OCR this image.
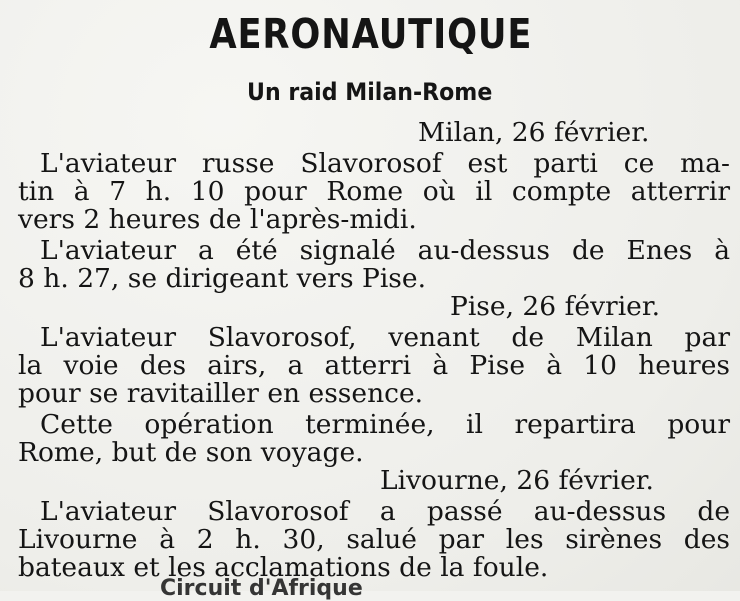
AERONAUTIQUE
Un raid Milan-Rome
Milan, 26 février.
L'aviateur russe Slavorosof est parti ce ma-
tin à 7 h. 10 pour Rome où il compte atterrir
vers 2 heures de l'après-midi.
L'aviateur a été signalé au-dessus de Enes à
8 h. 27, se dirigeant vers Pise.
Pise, 26 février.
L'aviateur Slavorosof, venant de Milan par
la voie des airs, a atterri à Pise à 10 heures
pour se ravitailler en essence.
Cette opération terminée, il repartira pour
Rome, but de son voyage.
Livourne, 26 février.
L'aviateur Slavorosof a passé au-dessus de
Livourne à 2 h. 30, salué par les sirènes des
bateaux et les acclamations de la foule.
Circuit d'Afrique
